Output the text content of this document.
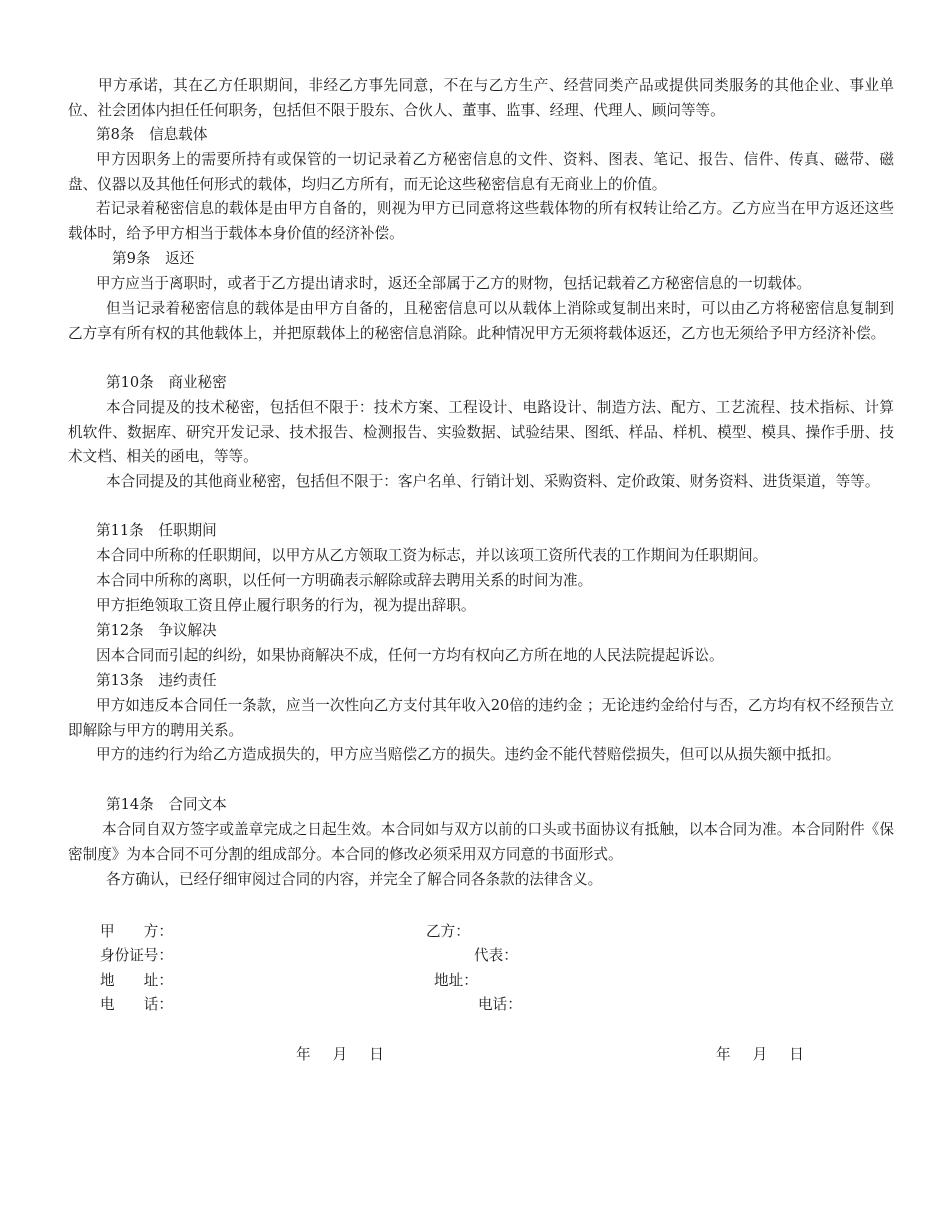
　　甲方承诺，其在乙方任职期间，非经乙方事先同意，不在与乙方生产、经营同类产品或提供同类服务的其他企业、事业单位、社会团体内担任任何职务，包括但不限于股东、合伙人、董事、监事、经理、代理人、顾问等等。

第8条　信息载体

甲方因职务上的需要所持有或保管的一切记录着乙方秘密信息的文件、资料、图表、笔记、报告、信件、传真、磁带、磁盘、仪器以及其他任何形式的载体，均归乙方所有，而无论这些秘密信息有无商业上的价值。

若记录着秘密信息的载体是由甲方自备的，则视为甲方已同意将这些载体物的所有权转让给乙方。乙方应当在甲方返还这些载体时，给予甲方相当于载体本身价值的经济补偿。

第9条　返还

甲方应当于离职时，或者于乙方提出请求时，返还全部属于乙方的财物，包括记载着乙方秘密信息的一切载体。

但当记录着秘密信息的载体是由甲方自备的，且秘密信息可以从载体上消除或复制出来时，可以由乙方将秘密信息复制到乙方享有所有权的其他载体上，并把原载体上的秘密信息消除。此种情况甲方无须将载体返还，乙方也无须给予甲方经济补偿。

第10条　商业秘密

本合同提及的技术秘密，包括但不限于：技术方案、工程设计、电路设计、制造方法、配方、工艺流程、技术指标、计算机软件、数据库、研究开发记录、技术报告、检测报告、实验数据、试验结果、图纸、样品、样机、模型、模具、操作手册、技术文档、相关的函电，等等。

本合同提及的其他商业秘密，包括但不限于：客户名单、行销计划、采购资料、定价政策、财务资料、进货渠道，等等。

第11条　任职期间

本合同中所称的任职期间，以甲方从乙方领取工资为标志，并以该项工资所代表的工作期间为任职期间。

本合同中所称的离职，以任何一方明确表示解除或辞去聘用关系的时间为准。

甲方拒绝领取工资且停止履行职务的行为，视为提出辞职。

第12条　争议解决

因本合同而引起的纠纷，如果协商解决不成，任何一方均有权向乙方所在地的人民法院提起诉讼。

第13条　违约责任

甲方如违反本合同任一条款，应当一次性向乙方支付其年收入20倍的违约金 ；无论违约金给付与否，乙方均有权不经预告立即解除与甲方的聘用关系。

甲方的违约行为给乙方造成损失的，甲方应当赔偿乙方的损失。违约金不能代替赔偿损失，但可以从损失额中抵扣。

第14条　合同文本

本合同自双方签字或盖章完成之日起生效。本合同如与双方以前的口头或书面协议有抵触，以本合同为准。本合同附件《保密制度》为本合同不可分割的组成部分。本合同的修改必须采用双方同意的书面形式。

各方确认，已经仔细审阅过合同的内容，并完全了解合同各条款的法律含义。

甲　　方：	乙方：
身份证号：	代表：
地　　址：	地址：
电　　话：	电话：
年 月 日	年 月 日
